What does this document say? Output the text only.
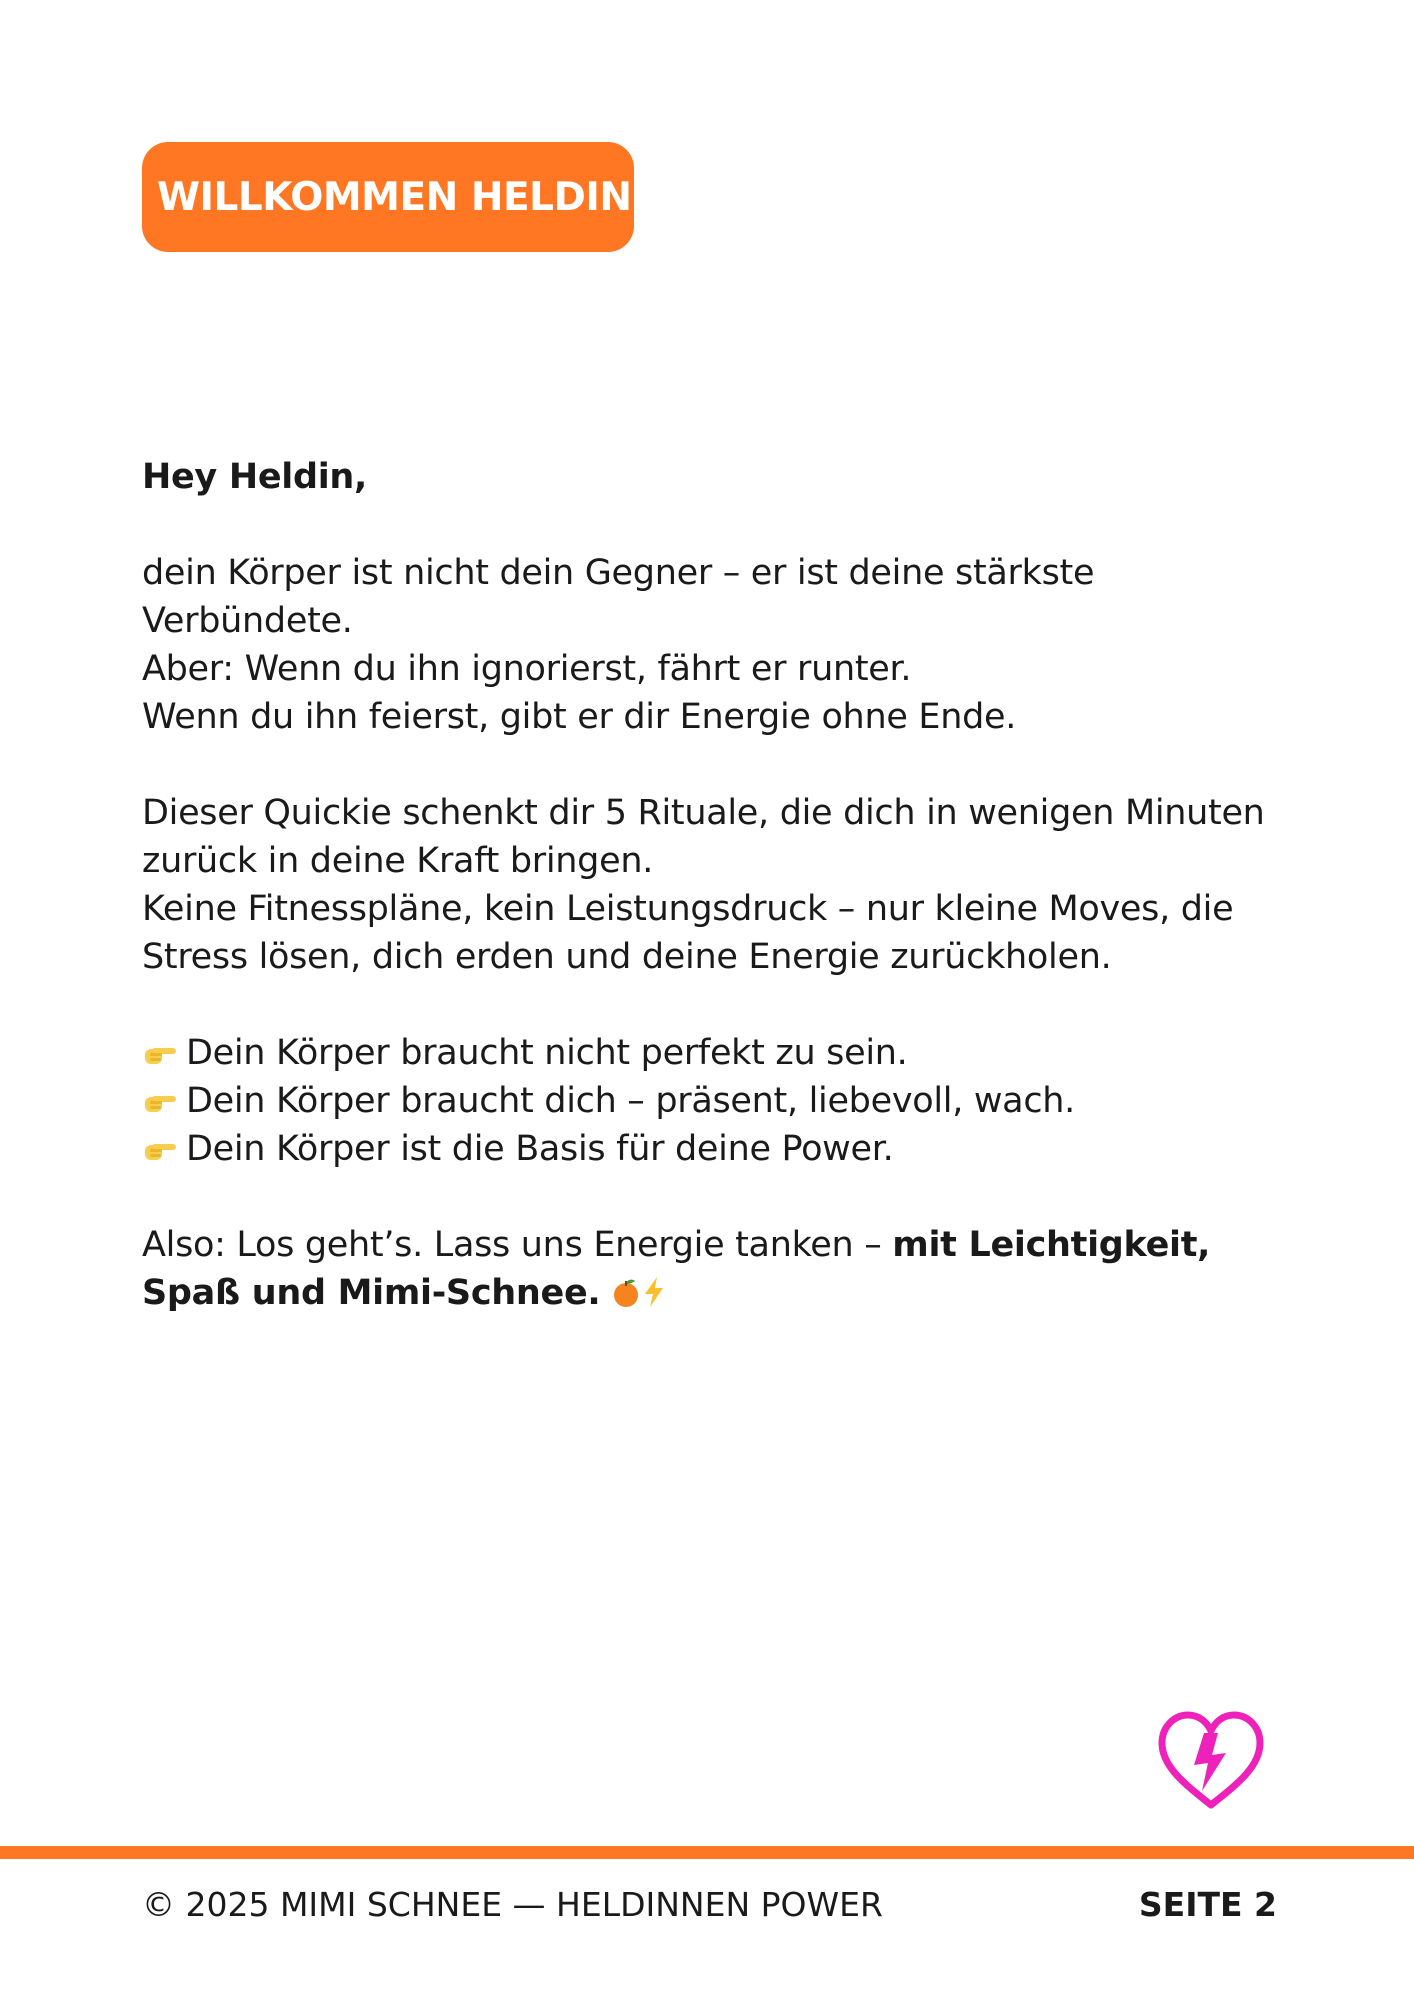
WILLKOMMEN HELDIN

Hey Heldin,

dein Körper ist nicht dein Gegner – er ist deine stärkste
Verbündete.
Aber: Wenn du ihn ignorierst, fährt er runter.
Wenn du ihn feierst, gibt er dir Energie ohne Ende.

Dieser Quickie schenkt dir 5 Rituale, die dich in wenigen Minuten
zurück in deine Kraft bringen.
Keine Fitnesspläne, kein Leistungsdruck – nur kleine Moves, die
Stress lösen, dich erden und deine Energie zurückholen.

Dein Körper braucht nicht perfekt zu sein.
Dein Körper braucht dich – präsent, liebevoll, wach.
Dein Körper ist die Basis für deine Power.

Also: Los geht’s. Lass uns Energie tanken – mit Leichtigkeit,
Spaß und Mimi-Schnee.

© 2025 MIMI SCHNEE — HELDINNEN POWER	SEITE 2
